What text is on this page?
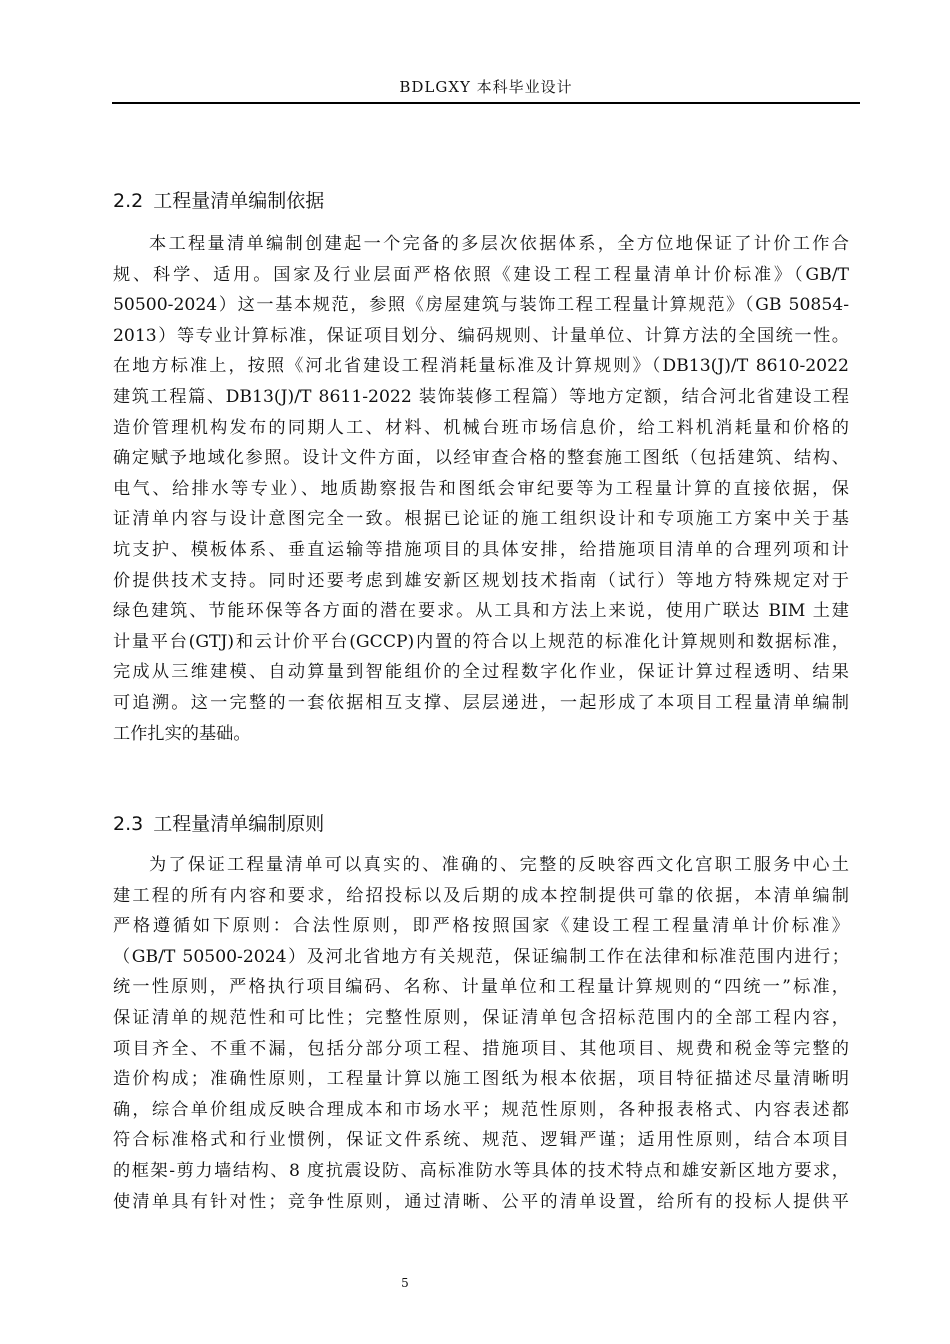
BDLGXY 本科毕业设计
2.2 工程量清单编制依据
本工程量清单编制创建起一个完备的多层次依据体系，全方位地保证了计价工作合
规、科学、适用。国家及行业层面严格依照《建设工程工程量清单计价标准》（GB/T
50500-2024）这一基本规范，参照《房屋建筑与装饰工程工程量计算规范》（GB 50854-
2013）等专业计算标准，保证项目划分、编码规则、计量单位、计算方法的全国统一性。
在地方标准上，按照《河北省建设工程消耗量标准及计算规则》（DB13(J)/T 8610-2022
建筑工程篇、DB13(J)/T 8611-2022 装饰装修工程篇）等地方定额，结合河北省建设工程
造价管理机构发布的同期人工、材料、机械台班市场信息价，给工料机消耗量和价格的
确定赋予地域化参照。设计文件方面，以经审查合格的整套施工图纸（包括建筑、结构、
电气、给排水等专业）、地质勘察报告和图纸会审纪要等为工程量计算的直接依据，保
证清单内容与设计意图完全一致。根据已论证的施工组织设计和专项施工方案中关于基
坑支护、模板体系、垂直运输等措施项目的具体安排，给措施项目清单的合理列项和计
价提供技术支持。同时还要考虑到雄安新区规划技术指南（试行）等地方特殊规定对于
绿色建筑、节能环保等各方面的潜在要求。从工具和方法上来说，使用广联达 BIM 土建
计量平台(GTJ)和云计价平台(GCCP)内置的符合以上规范的标准化计算规则和数据标准，
完成从三维建模、自动算量到智能组价的全过程数字化作业，保证计算过程透明、结果
可追溯。这一完整的一套依据相互支撑、层层递进，一起形成了本项目工程量清单编制
工作扎实的基础。
2.3 工程量清单编制原则
为了保证工程量清单可以真实的、准确的、完整的反映容西文化宫职工服务中心土
建工程的所有内容和要求，给招投标以及后期的成本控制提供可靠的依据，本清单编制
严格遵循如下原则：合法性原则，即严格按照国家《建设工程工程量清单计价标准》
（GB/T 50500-2024）及河北省地方有关规范，保证编制工作在法律和标准范围内进行；
统一性原则，严格执行项目编码、名称、计量单位和工程量计算规则的“四统一”标准，
保证清单的规范性和可比性；完整性原则，保证清单包含招标范围内的全部工程内容，
项目齐全、不重不漏，包括分部分项工程、措施项目、其他项目、规费和税金等完整的
造价构成；准确性原则，工程量计算以施工图纸为根本依据，项目特征描述尽量清晰明
确，综合单价组成反映合理成本和市场水平；规范性原则，各种报表格式、内容表述都
符合标准格式和行业惯例，保证文件系统、规范、逻辑严谨；适用性原则，结合本项目
的框架-剪力墙结构、8 度抗震设防、高标准防水等具体的技术特点和雄安新区地方要求，
使清单具有针对性；竞争性原则，通过清晰、公平的清单设置，给所有的投标人提供平
5
